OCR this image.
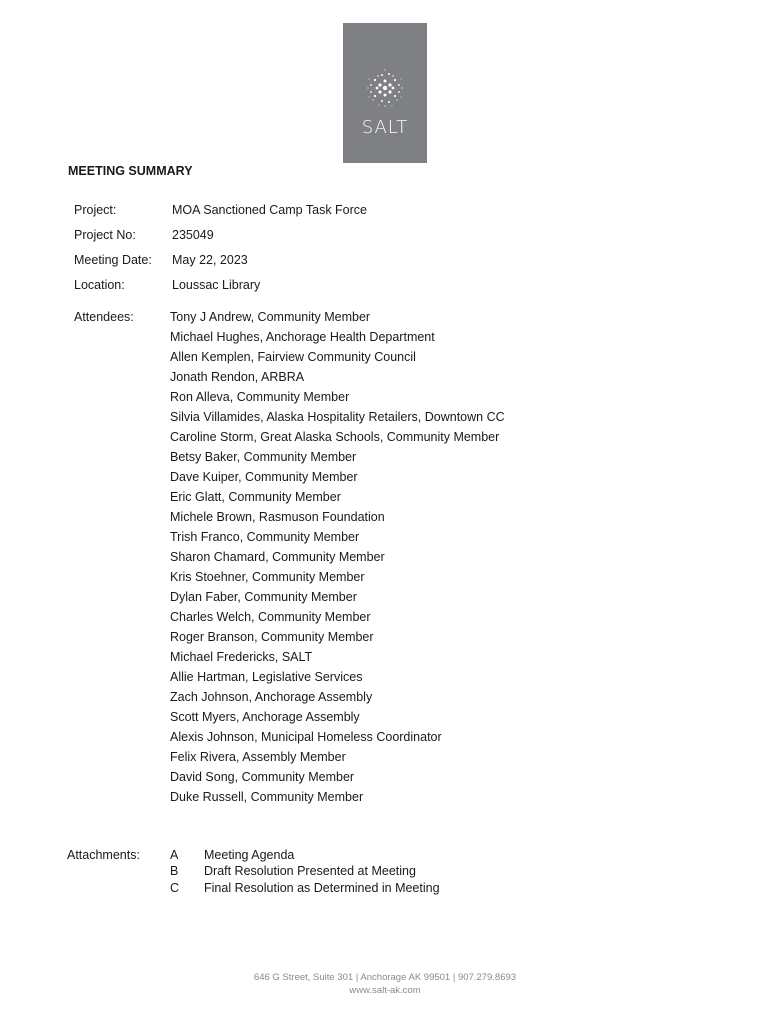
SALT
MEETING SUMMARY
Project:	MOA Sanctioned Camp Task Force
Project No:	235049
Meeting Date: May 22, 2023
Location:	Loussac Library
Attendees:	Tony J Andrew, Community Member
Michael Hughes, Anchorage Health Department
Allen Kemplen, Fairview Community Council
Jonath Rendon, ARBRA
Ron Alleva, Community Member
Silvia Villamides, Alaska Hospitality Retailers, Downtown CC
Caroline Storm, Great Alaska Schools, Community Member
Betsy Baker, Community Member
Dave Kuiper, Community Member
Eric Glatt, Community Member
Michele Brown, Rasmuson Foundation
Trish Franco, Community Member
Sharon Chamard, Community Member
Kris Stoehner, Community Member
Dylan Faber, Community Member
Charles Welch, Community Member
Roger Branson, Community Member
Michael Fredericks, SALT
Allie Hartman, Legislative Services
Zach Johnson, Anchorage Assembly
Scott Myers, Anchorage Assembly
Alexis Johnson, Municipal Homeless Coordinator
Felix Rivera, Assembly Member
David Song, Community Member
Duke Russell, Community Member
Attachments: A Meeting Agenda
B Draft Resolution Presented at Meeting
C Final Resolution as Determined in Meeting
646 G Street, Suite 301 | Anchorage AK 99501 | 907.279.8693
www.salt-ak.com
